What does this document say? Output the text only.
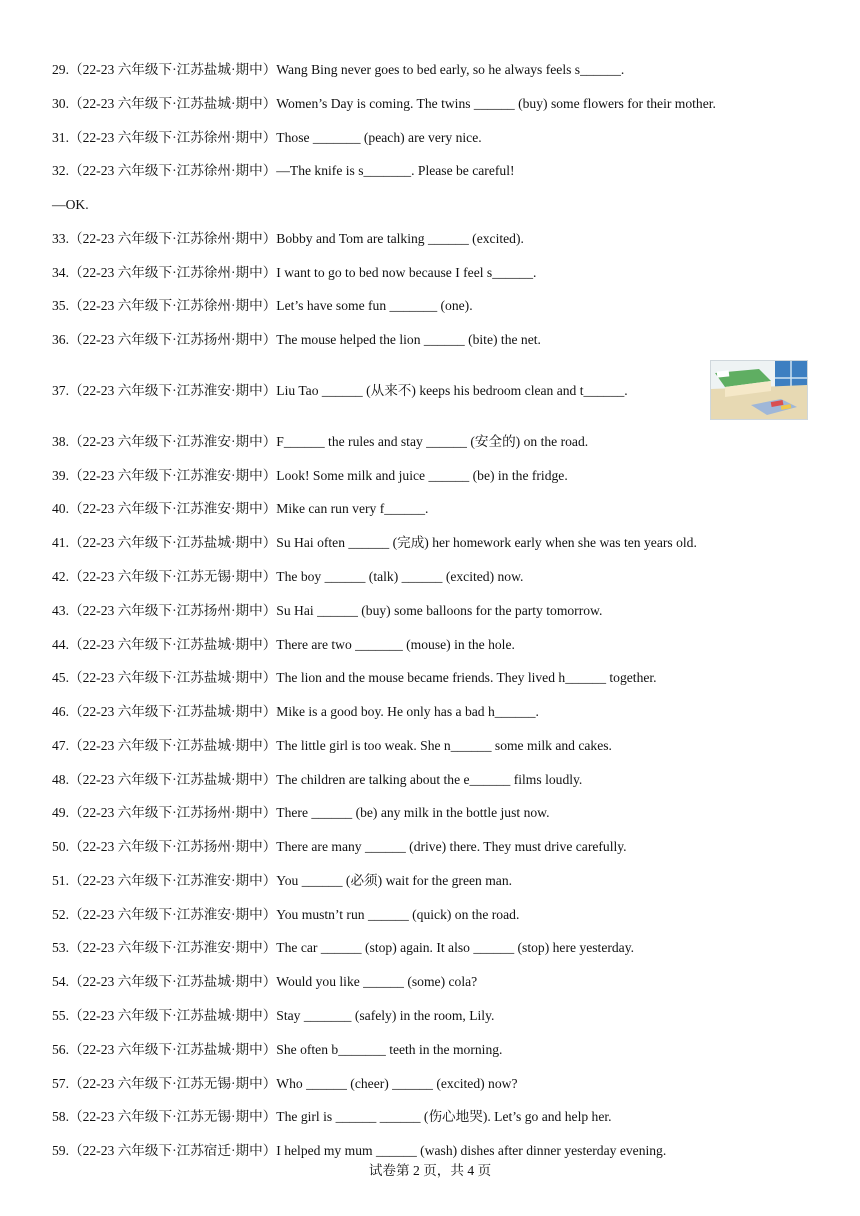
29.（22-23 六年级下·江苏盐城·期中）Wang Bing never goes to bed early, so he always feels s______.
30.（22-23 六年级下·江苏盐城·期中）Women’s Day is coming. The twins ______ (buy) some flowers for their mother.
31.（22-23 六年级下·江苏徐州·期中）Those _______ (peach) are very nice.
32.（22-23 六年级下·江苏徐州·期中）—The knife is s_______. Please be careful!
—OK.
33.（22-23 六年级下·江苏徐州·期中）Bobby and Tom are talking ______ (excited).
34.（22-23 六年级下·江苏徐州·期中）I want to go to bed now because I feel s______.
35.（22-23 六年级下·江苏徐州·期中）Let’s have some fun _______ (one).
36.（22-23 六年级下·江苏扬州·期中）The mouse helped the lion ______ (bite) the net.
37.（22-23 六年级下·江苏淮安·期中）Liu Tao ______ (从来不) keeps his bedroom clean and t______.
38.（22-23 六年级下·江苏淮安·期中）F______ the rules and stay ______ (安全的) on the road.
39.（22-23 六年级下·江苏淮安·期中）Look! Some milk and juice ______ (be) in the fridge.
40.（22-23 六年级下·江苏淮安·期中）Mike can run very f______.
41.（22-23 六年级下·江苏盐城·期中）Su Hai often ______ (完成) her homework early when she was ten years old.
42.（22-23 六年级下·江苏无锡·期中）The boy ______ (talk) ______ (excited) now.
43.（22-23 六年级下·江苏扬州·期中）Su Hai ______ (buy) some balloons for the party tomorrow.
44.（22-23 六年级下·江苏盐城·期中）There are two _______ (mouse) in the hole.
45.（22-23 六年级下·江苏盐城·期中）The lion and the mouse became friends. They lived h______ together.
46.（22-23 六年级下·江苏盐城·期中）Mike is a good boy. He only has a bad h______.
47.（22-23 六年级下·江苏盐城·期中）The little girl is too weak. She n______ some milk and cakes.
48.（22-23 六年级下·江苏盐城·期中）The children are talking about the e______ films loudly.
49.（22-23 六年级下·江苏扬州·期中）There ______ (be) any milk in the bottle just now.
50.（22-23 六年级下·江苏扬州·期中）There are many ______ (drive) there. They must drive carefully.
51.（22-23 六年级下·江苏淮安·期中）You ______ (必须) wait for the green man.
52.（22-23 六年级下·江苏淮安·期中）You mustn’t run ______ (quick) on the road.
53.（22-23 六年级下·江苏淮安·期中）The car ______ (stop) again. It also ______ (stop) here yesterday.
54.（22-23 六年级下·江苏盐城·期中）Would you like ______ (some) cola?
55.（22-23 六年级下·江苏盐城·期中）Stay _______ (safely) in the room, Lily.
56.（22-23 六年级下·江苏盐城·期中）She often b_______ teeth in the morning.
57.（22-23 六年级下·江苏无锡·期中）Who ______ (cheer) ______ (excited) now?
58.（22-23 六年级下·江苏无锡·期中）The girl is ______ ______ (伤心地哭). Let’s go and help her.
59.（22-23 六年级下·江苏宿迁·期中）I helped my mum ______ (wash) dishes after dinner yesterday evening.
试卷第 2 页，共 4 页
